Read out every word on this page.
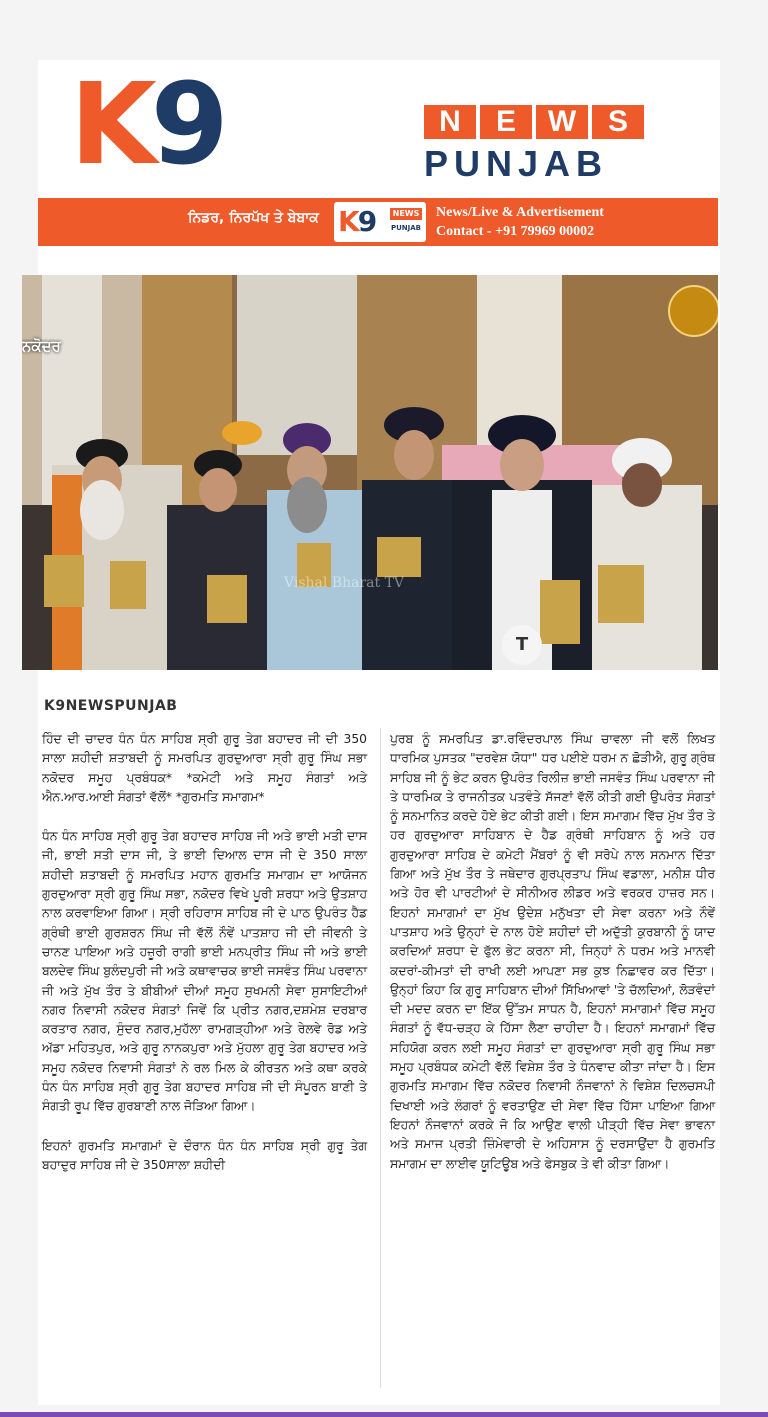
K9	N	E	W	S
PUNJAB
ਨਿਡਰ, ਨਿਰਪੱਖ ਤੇ ਬੇਬਾਕ K9	NEWS
PUNJAB
News/Live & Advertisement
Contact - +91 79969 00002
ਨਕੋਦਰ
Vishal Bharat TV
T
K9NEWSPUNJAB

ਹਿੰਦ ਦੀ ਚਾਦਰ ਧੰਨ ਧੰਨ ਸਾਹਿਬ ਸ੍ਰੀ ਗੁਰੂ ਤੇਗ ਬਹਾਦਰ ਜੀ ਦੀ 350 ਸਾਲਾ ਸ਼ਹੀਦੀ ਸ਼ਤਾਬਦੀ ਨੂੰ ਸਮਰਪਿਤ ਗੁਰਦੁਆਰਾ ਸ੍ਰੀ ਗੁਰੂ ਸਿੰਘ ਸਭਾ ਨਕੋਦਰ ਸਮੂਹ ਪ੍ਰਬੰਧਕ* *ਕਮੇਟੀ ਅਤੇ ਸਮੂਹ ਸੰਗਤਾਂ ਅਤੇ ਐਨ.ਆਰ.ਆਈ ਸੰਗਤਾਂ ਵੱਲੋਂ* *ਗੁਰਮਤਿ ਸਮਾਗਮ*

ਧੰਨ ਧੰਨ ਸਾਹਿਬ ਸ੍ਰੀ ਗੁਰੂ ਤੇਗ ਬਹਾਦਰ ਸਾਹਿਬ ਜੀ ਅਤੇ ਭਾਈ ਮਤੀ ਦਾਸ ਜੀ, ਭਾਈ ਸਤੀ ਦਾਸ ਜੀ, ਤੇ ਭਾਈ ਦਿਆਲ ਦਾਸ ਜੀ ਦੇ 350 ਸਾਲਾ ਸ਼ਹੀਦੀ ਸ਼ਤਾਬਦੀ ਨੂੰ ਸਮਰਪਿਤ ਮਹਾਨ ਗੁਰਮਤਿ ਸਮਾਗਮ ਦਾ ਆਯੋਜਨ ਗੁਰਦੁਆਰਾ ਸ੍ਰੀ ਗੁਰੂ ਸਿੰਘ ਸਭਾ, ਨਕੋਦਰ ਵਿਖੇ ਪੂਰੀ ਸ਼ਰਧਾ ਅਤੇ ਉਤਸ਼ਾਹ ਨਾਲ ਕਰਵਾਇਆ ਗਿਆ। ਸ੍ਰੀ ਰਹਿਰਾਸ ਸਾਹਿਬ ਜੀ ਦੇ ਪਾਠ ਉਪਰੰਤ ਹੈਡ ਗ੍ਰੰਥੀ ਭਾਈ ਗੁਰਸ਼ਰਨ ਸਿੰਘ ਜੀ ਵੱਲੋਂ ਨੌਵੇਂ ਪਾਤਸ਼ਾਹ ਜੀ ਦੀ ਜੀਵਨੀ ਤੇ ਚਾਨਣ ਪਾਇਆ ਅਤੇ ਹਜ਼ੂਰੀ ਰਾਗੀ ਭਾਈ ਮਨਪ੍ਰੀਤ ਸਿੰਘ ਜੀ ਅਤੇ ਭਾਈ ਬਲਦੇਵ ਸਿੰਘ ਬੁਲੰਦਪੁਰੀ ਜੀ ਅਤੇ ਕਥਾਵਾਚਕ ਭਾਈ ਜਸਵੰਤ ਸਿੰਘ ਪਰਵਾਨਾ ਜੀ ਅਤੇ ਮੁੱਖ ਤੌਰ ਤੇ ਬੀਬੀਆਂ ਦੀਆਂ ਸਮੂਹ ਸੁਖਮਨੀ ਸੇਵਾ ਸੁਸਾਇਟੀਆਂ ਨਗਰ ਨਿਵਾਸੀ ਨਕੋਦਰ ਸੰਗਤਾਂ ਜਿਵੇਂ ਕਿ ਪ੍ਰੀਤ ਨਗਰ,ਦਸ਼ਮੇਸ਼ ਦਰਬਾਰ ਕਰਤਾਰ ਨਗਰ, ਸੁੰਦਰ ਨਗਰ,ਮੁਹੱਲਾ ਰਾਮਗੜ੍ਹੀਆ ਅਤੇ ਰੇਲਵੇ ਰੋਡ ਅਤੇ ਅੱਡਾ ਮਹਿਤਪੁਰ, ਅਤੇ ਗੁਰੂ ਨਾਨਕਪੁਰਾ ਅਤੇ ਮੁੱਹਲਾ ਗੁਰੂ ਤੇਗ ਬਹਾਦਰ ਅਤੇ ਸਮੂਹ ਨਕੋਦਰ ਨਿਵਾਸੀ ਸੰਗਤਾਂ ਨੇ ਰਲ ਮਿਲ ਕੇ ਕੀਰਤਨ ਅਤੇ ਕਥਾ ਕਰਕੇ ਧੰਨ ਧੰਨ ਸਾਹਿਬ ਸ੍ਰੀ ਗੁਰੂ ਤੇਗ ਬਹਾਦਰ ਸਾਹਿਬ ਜੀ ਦੀ ਸੰਪੂਰਨ ਬਾਣੀ ਤੇ ਸੰਗਤੀ ਰੂਪ ਵਿੱਚ ਗੁਰਬਾਣੀ ਨਾਲ ਜੋੜਿਆ ਗਿਆ।

ਇਹਨਾਂ ਗੁਰਮਤਿ ਸਮਾਗਮਾਂ ਦੇ ਦੌਰਾਨ ਧੰਨ ਧੰਨ ਸਾਹਿਬ ਸ੍ਰੀ ਗੁਰੂ ਤੇਗ ਬਹਾਦੁਰ ਸਾਹਿਬ ਜੀ ਦੇ 350ਸਾਲਾ ਸ਼ਹੀਦੀ

ਪੁਰਬ ਨੂੰ ਸਮਰਪਿਤ ਡਾ.ਰਵਿੰਦਰਪਾਲ ਸਿੰਘ ਚਾਵਲਾ ਜੀ ਵਲੋਂ ਲਿਖਤ ਧਾਰਮਿਕ ਪੁਸਤਕ "ਦਰਵੇਸ਼ ਯੋਧਾ" ਧਰ ਪਈਏ ਧਰਮ ਨ ਛੋੜੀਐ, ਗੁਰੂ ਗ੍ਰੰਥ ਸਾਹਿਬ ਜੀ ਨੂੰ ਭੇਟ ਕਰਨ ਉਪਰੰਤ ਰਿਲੀਜ਼ ਭਾਈ ਜਸਵੰਤ ਸਿੰਘ ਪਰਵਾਨਾ ਜੀ ਤੇ ਧਾਰਮਿਕ ਤੇ ਰਾਜਨੀਤਕ ਪਤਵੰਤੇ ਸੱਜਣਾਂ ਵੱਲੋਂ ਕੀਤੀ ਗਈ ਉਪਰੰਤ ਸੰਗਤਾਂ ਨੂੰ ਸਨਮਾਨਿਤ ਕਰਦੇ ਹੋਏ ਭੇਟ ਕੀਤੀ ਗਈ। ਇਸ ਸਮਾਗਮ ਵਿੱਚ ਮੁੱਖ ਤੌਰ ਤੇ ਹਰ ਗੁਰਦੁਆਰਾ ਸਾਹਿਬਾਨ ਦੇ ਹੈਡ ਗ੍ਰੰਥੀ ਸਾਹਿਬਾਨ ਨੂੰ ਅਤੇ ਹਰ ਗੁਰਦੁਆਰਾ ਸਾਹਿਬ ਦੇ ਕਮੇਟੀ ਮੈਂਬਰਾਂ ਨੂੰ ਵੀ ਸਰੋਪੇ ਨਾਲ ਸਨਮਾਨ ਦਿੱਤਾ ਗਿਆ ਅਤੇ ਮੁੱਖ ਤੌਰ ਤੇ ਜਥੇਦਾਰ ਗੁਰਪ੍ਰਤਾਪ ਸਿੰਘ ਵਡਾਲਾ, ਮਨੀਸ਼ ਧੀਰ ਅਤੇ ਹੋਰ ਵੀ ਪਾਰਟੀਆਂ ਦੇ ਸੀਨੀਅਰ ਲੀਡਰ ਅਤੇ ਵਰਕਰ ਹਾਜ਼ਰ ਸਨ।ਇਹਨਾਂ ਸਮਾਗਮਾਂ ਦਾ ਮੁੱਖ ਉਦੇਸ਼ ਮਨੁੱਖਤਾ ਦੀ ਸੇਵਾ ਕਰਨਾ ਅਤੇ ਨੌਵੇਂ ਪਾਤਸ਼ਾਹ ਅਤੇ ਉਨ੍ਹਾਂ ਦੇ ਨਾਲ ਹੋਏ ਸ਼ਹੀਦਾਂ ਦੀ ਅਦੁੱਤੀ ਕੁਰਬਾਨੀ ਨੂੰ ਯਾਦ ਕਰਦਿਆਂ ਸ਼ਰਧਾ ਦੇ ਫੁੱਲ ਭੇਟ ਕਰਨਾ ਸੀ, ਜਿਨ੍ਹਾਂ ਨੇ ਧਰਮ ਅਤੇ ਮਾਨਵੀ ਕਦਰਾਂ-ਕੀਮਤਾਂ ਦੀ ਰਾਖੀ ਲਈ ਆਪਣਾ ਸਭ ਕੁਝ ਨਿਛਾਵਰ ਕਰ ਦਿੱਤਾ। ਉਨ੍ਹਾਂ ਕਿਹਾ ਕਿ ਗੁਰੂ ਸਾਹਿਬਾਨ ਦੀਆਂ ਸਿੱਖਿਆਵਾਂ 'ਤੇ ਚੱਲਦਿਆਂ, ਲੋੜਵੰਦਾਂ ਦੀ ਮਦਦ ਕਰਨ ਦਾ ਇੱਕ ਉੱਤਮ ਸਾਧਨ ਹੈ, ਇਹਨਾਂ ਸਮਾਗਮਾਂ ਵਿੱਚ ਸਮੂਹ ਸੰਗਤਾਂ ਨੂੰ ਵੱਧ-ਚੜ੍ਹ ਕੇ ਹਿੱਸਾ ਲੈਣਾ ਚਾਹੀਦਾ ਹੈ। ਇਹਨਾਂ ਸਮਾਗਮਾਂ ਵਿੱਚ ਸਹਿਯੋਗ ਕਰਨ ਲਈ ਸਮੂਹ ਸੰਗਤਾਂ ਦਾ ਗੁਰਦੁਆਰਾ ਸ੍ਰੀ ਗੁਰੂ ਸਿੰਘ ਸਭਾ ਸਮੂਹ ਪ੍ਰਬੰਧਕ ਕਮੇਟੀ ਵੱਲੋਂ ਵਿਸ਼ੇਸ਼ ਤੌਰ ਤੇ ਧੰਨਵਾਦ ਕੀਤਾ ਜਾਂਦਾ ਹੈ। ਇਸ ਗੁਰਮਤਿ ਸਮਾਗਮ ਵਿੱਚ ਨਕੋਦਰ ਨਿਵਾਸੀ ਨੌਜਵਾਨਾਂ ਨੇ ਵਿਸ਼ੇਸ਼ ਦਿਲਚਸਪੀ ਦਿਖਾਈ ਅਤੇ ਲੰਗਰਾਂ ਨੂੰ ਵਰਤਾਉਣ ਦੀ ਸੇਵਾ ਵਿੱਚ ਹਿੱਸਾ ਪਾਇਆ ਗਿਆ ਇਹਨਾਂ ਨੌਜਵਾਨਾਂ ਕਰਕੇ ਜੋ ਕਿ ਆਉਣ ਵਾਲੀ ਪੀੜ੍ਹੀ ਵਿੱਚ ਸੇਵਾ ਭਾਵਨਾ ਅਤੇ ਸਮਾਜ ਪ੍ਰਤੀ ਜ਼ਿੰਮੇਵਾਰੀ ਦੇ ਅਹਿਸਾਸ ਨੂੰ ਦਰਸਾਉਂਦਾ ਹੈ ਗੁਰਮਤਿ ਸਮਾਗਮ ਦਾ ਲਾਈਵ ਯੂਟਿਊਬ ਅਤੇ ਫੇਸਬੁਕ ਤੇ ਵੀ ਕੀਤਾ ਗਿਆ।
